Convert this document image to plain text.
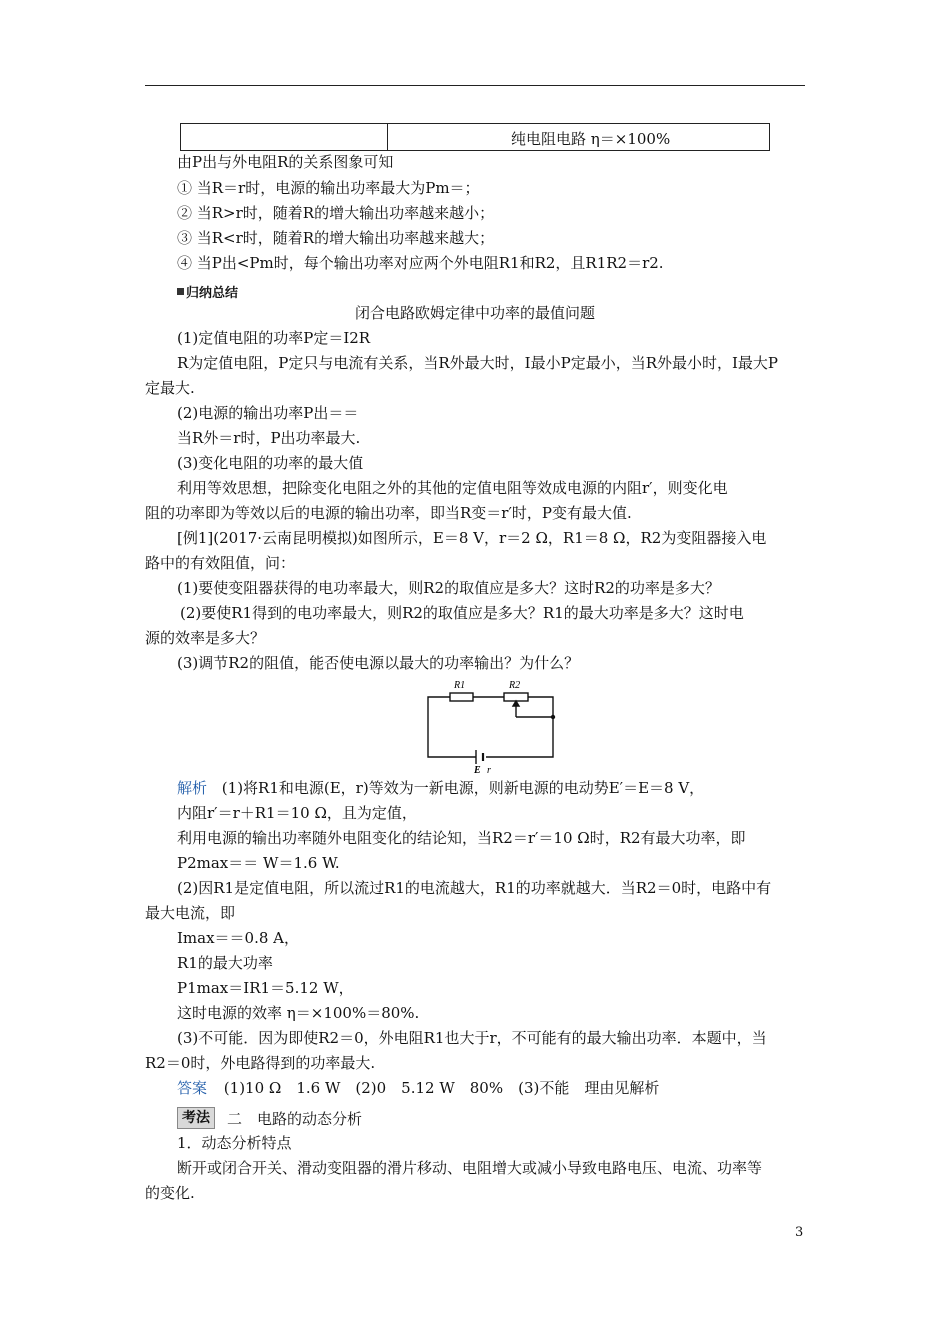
纯电阻电路 η＝×100%
由P出与外电阻R的关系图象可知
① 当R＝r时，电源的输出功率最大为Pm＝；
② 当R>r时，随着R的增大输出功率越来越小；
③ 当R<r时，随着R的增大输出功率越来越大；
④ 当P出<Pm时，每个输出功率对应两个外电阻R1和R2，且R1R2＝r2.
归纳总结
闭合电路欧姆定律中功率的最值问题
(1)定值电阻的功率P定＝I2R
R为定值电阻，P定只与电流有关系，当R外最大时，I最小P定最小，当R外最小时，I最大P
定最大.
(2)电源的输出功率P出＝＝
当R外＝r时，P出功率最大.
(3)变化电阻的功率的最大值
利用等效思想，把除变化电阻之外的其他的定值电阻等效成电源的内阻r′，则变化电
阻的功率即为等效以后的电源的输出功率，即当R变＝r′时，P变有最大值.
[例1](2017·云南昆明模拟)如图所示，E＝8 V，r＝2 Ω，R1＝8 Ω，R2为变阻器接入电
路中的有效阻值，问：
(1)要使变阻器获得的电功率最大，则R2的取值应是多大？这时R2的功率是多大？
(2)要使R1得到的电功率最大，则R2的取值应是多大？R1的最大功率是多大？这时电
源的效率是多大？
(3)调节R2的阻值，能否使电源以最大的功率输出？为什么？
R1	R2
E r
解析 (1)将R1和电源(E，r)等效为一新电源，则新电源的电动势E′＝E＝8 V，
内阻r′＝r＋R1＝10 Ω，且为定值，
利用电源的输出功率随外电阻变化的结论知，当R2＝r′＝10 Ω时，R2有最大功率，即
P2max＝＝ W＝1.6 W.
(2)因R1是定值电阻，所以流过R1的电流越大，R1的功率就越大．当R2＝0时，电路中有
最大电流，即
Imax＝＝0.8 A，
R1的最大功率
P1max＝IR1＝5.12 W，
这时电源的效率 η＝×100%＝80%.
(3)不可能．因为即使R2＝0，外电阻R1也大于r，不可能有的最大输出功率．本题中，当
R2＝0时，外电路得到的功率最大.
答案 (1)10 Ω　1.6 W　(2)0　5.12 W　80%　(3)不能　理由见解析
考法	二　电路的动态分析
1．动态分析特点
断开或闭合开关、滑动变阻器的滑片移动、电阻增大或减小导致电路电压、电流、功率等
的变化.
3
